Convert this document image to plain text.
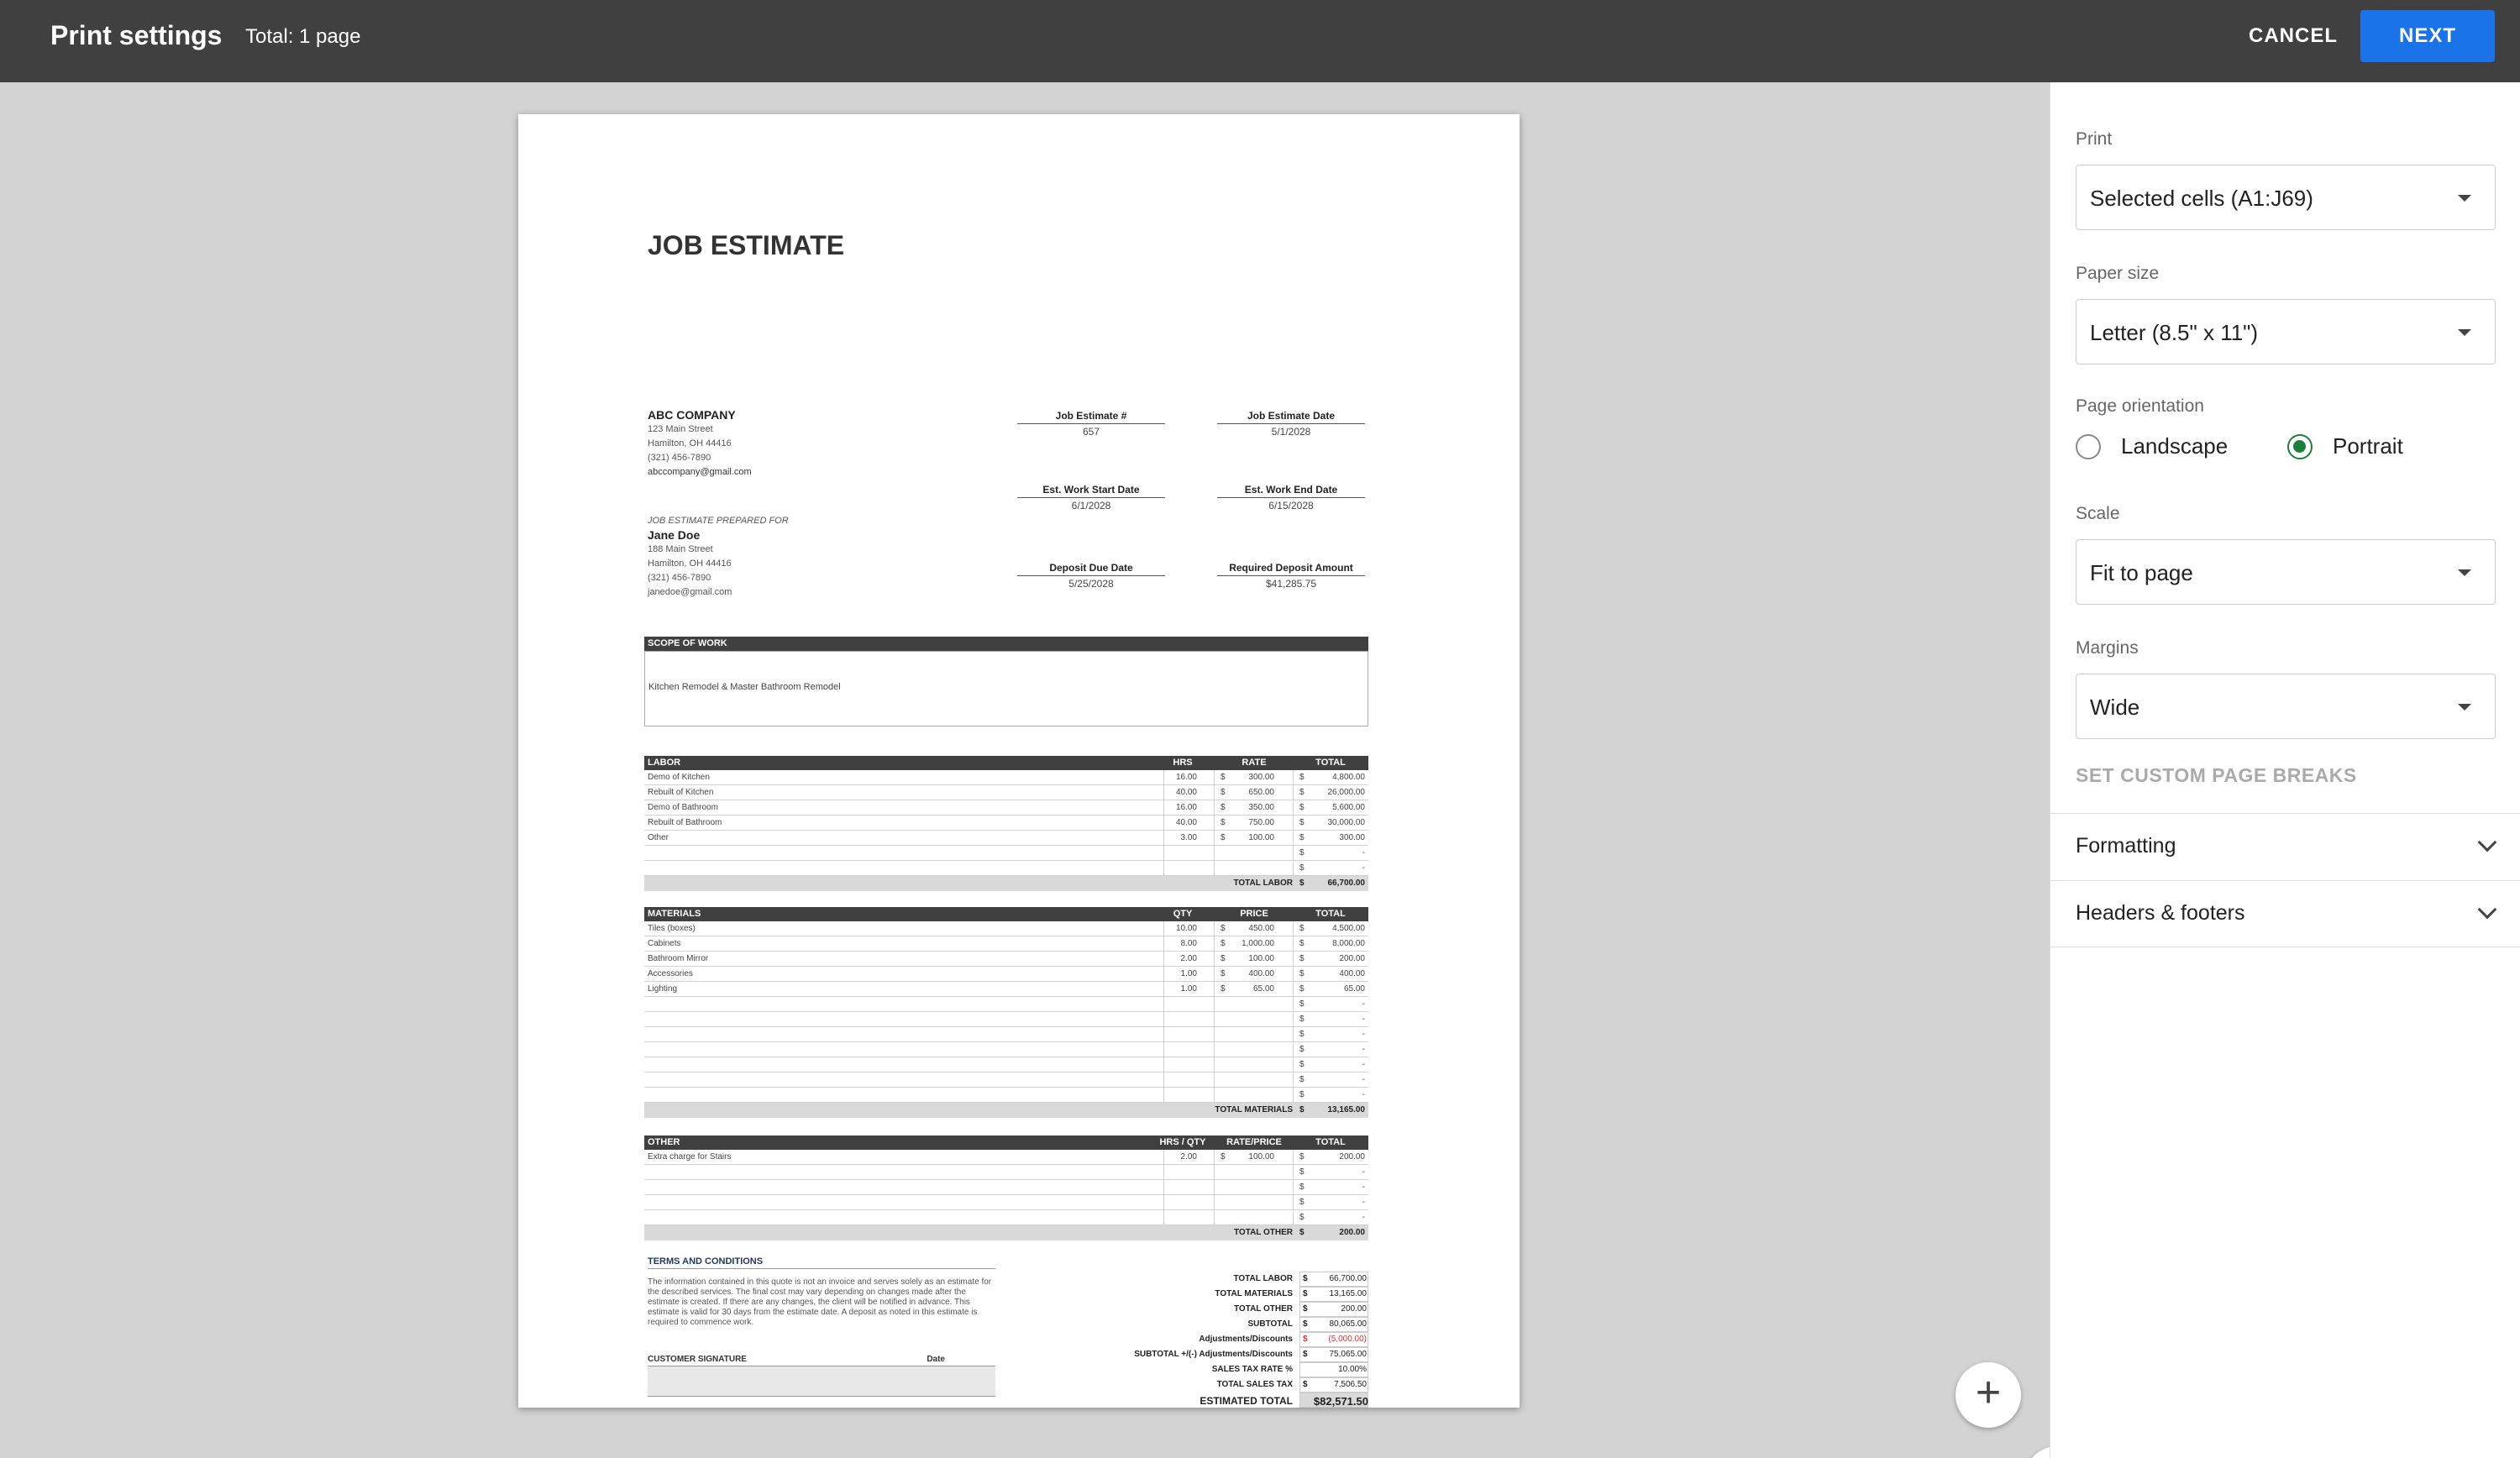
Print settings Total: 1 page	CANCEL	NEXT
JOB ESTIMATE
ABC COMPANY
123 Main Street
Hamilton, OH 44416
(321) 456-7890
abccompany@gmail.com
JOB ESTIMATE PREPARED FOR
Jane Doe
188 Main Street
Hamilton, OH 44416
(321) 456-7890
janedoe@gmail.com
Job Estimate #
657
Job Estimate Date
5/1/2028
Est. Work Start Date
6/1/2028
Est. Work End Date
6/15/2028
Deposit Due Date
5/25/2028
Required Deposit Amount
$41,285.75
SCOPE OF WORK
Kitchen Remodel & Master Bathroom Remodel
LABOR	HRS	RATE	TOTAL
Demo of Kitchen	16.00	$	300.00	$	4,800.00
Rebuilt of Kitchen	40.00	$	650.00	$	26,000.00
Demo of Bathroom	16.00	$	350.00	$	5,600.00
Rebuilt of Bathroom	40.00	$	750.00	$	30,000.00
Other	3.00	$	100.00	$	300.00
$	-
$	-
TOTAL LABOR $	66,700.00
MATERIALS	QTY	PRICE	TOTAL
Tiles (boxes)	10.00	$	450.00	$	4,500.00
Cabinets	8.00	$	1,000.00	$	8,000.00
Bathroom Mirror	2.00	$	100.00	$	200.00
Accessories	1.00	$	400.00	$	400.00
Lighting	1.00	$	65.00	$	65.00
$	-
$	-
$	-
$	-
$	-
$	-
$	-
TOTAL MATERIALS $	13,165.00
OTHER	HRS / QTY	RATE/PRICE	TOTAL
Extra charge for Stairs	2.00	$	100.00	$	200.00
$	-
$	-
$	-
$	-
TOTAL OTHER $	200.00
TERMS AND CONDITIONS
The information contained in this quote is not an invoice and serves solely as an estimate for the described services. The final cost may vary depending on changes made after the estimate is created. If there are any changes, the client will be notified in advance. This estimate is valid for 30 days from the estimate date. A deposit as noted in this estimate is required to commence work.
CUSTOMER SIGNATURE	Date
TOTAL LABOR $	66,700.00
TOTAL MATERIALS $	13,165.00
TOTAL OTHER $	200.00
SUBTOTAL $	80,065.00
Adjustments/Discounts $	(5,000.00)
SUBTOTAL +/(-) Adjustments/Discounts $	75,065.00
SALES TAX RATE %	10.00%
TOTAL SALES TAX $	7,506.50
ESTIMATED TOTAL	$82,571.50	+
Print
Selected cells (A1:J69)
Paper size
Letter (8.5" x 11")
Page orientation
Landscape	Portrait
Scale
Fit to page
Margins
Wide
SET CUSTOM PAGE BREAKS
Formatting
Headers & footers
